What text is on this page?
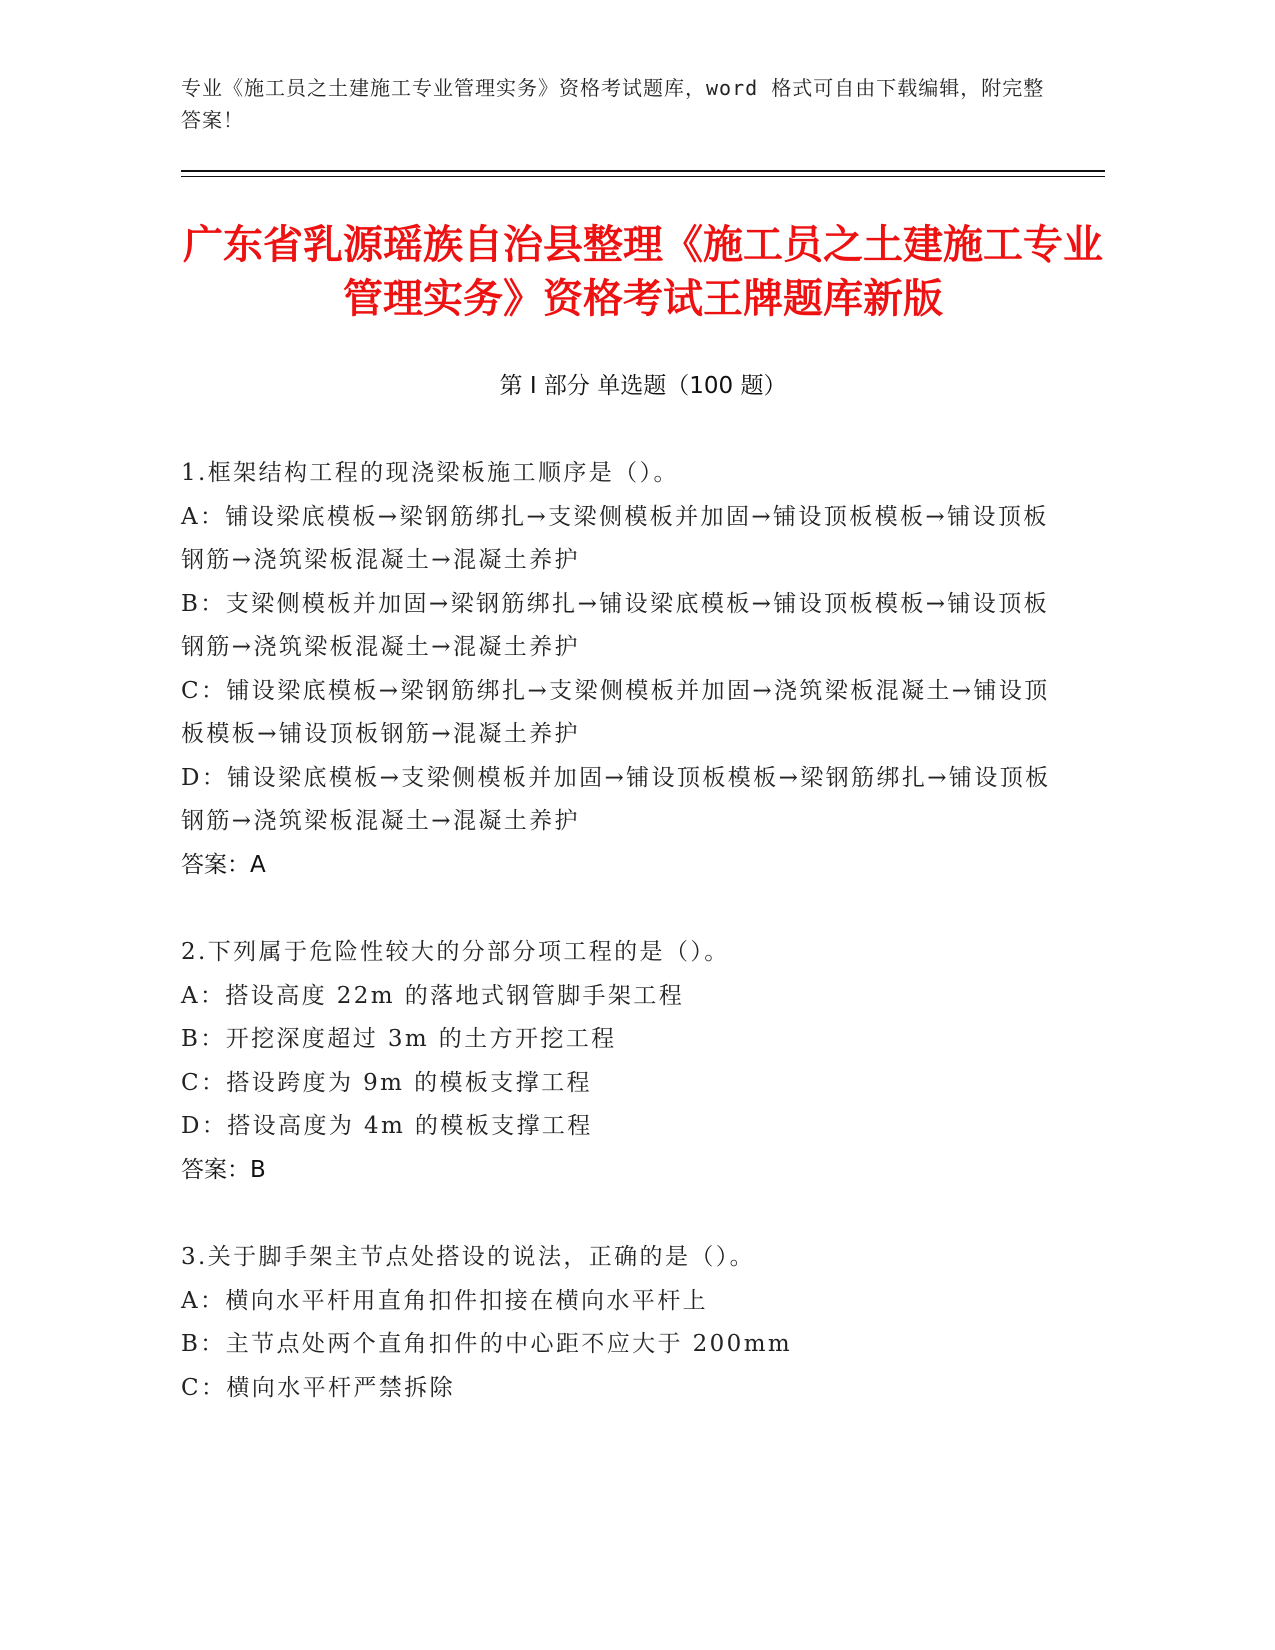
专业《施工员之土建施工专业管理实务》资格考试题库，word 格式可自由下载编辑，附完整答案！
广东省乳源瑶族自治县整理《施工员之土建施工专业管理实务》资格考试王牌题库新版
第 I 部分 单选题（100 题）
1.框架结构工程的现浇梁板施工顺序是（）。
A：铺设梁底模板→梁钢筋绑扎→支梁侧模板并加固→铺设顶板模板→铺设顶板钢筋→浇筑梁板混凝土→混凝土养护
B：支梁侧模板并加固→梁钢筋绑扎→铺设梁底模板→铺设顶板模板→铺设顶板钢筋→浇筑梁板混凝土→混凝土养护
C：铺设梁底模板→梁钢筋绑扎→支梁侧模板并加固→浇筑梁板混凝土→铺设顶板模板→铺设顶板钢筋→混凝土养护
D：铺设梁底模板→支梁侧模板并加固→铺设顶板模板→梁钢筋绑扎→铺设顶板钢筋→浇筑梁板混凝土→混凝土养护
答案：A
2.下列属于危险性较大的分部分项工程的是（）。
A：搭设高度 22m 的落地式钢管脚手架工程
B：开挖深度超过 3m 的土方开挖工程
C：搭设跨度为 9m 的模板支撑工程
D：搭设高度为 4m 的模板支撑工程
答案：B
3.关于脚手架主节点处搭设的说法，正确的是（）。
A：横向水平杆用直角扣件扣接在横向水平杆上
B：主节点处两个直角扣件的中心距不应大于 200mm
C：横向水平杆严禁拆除
